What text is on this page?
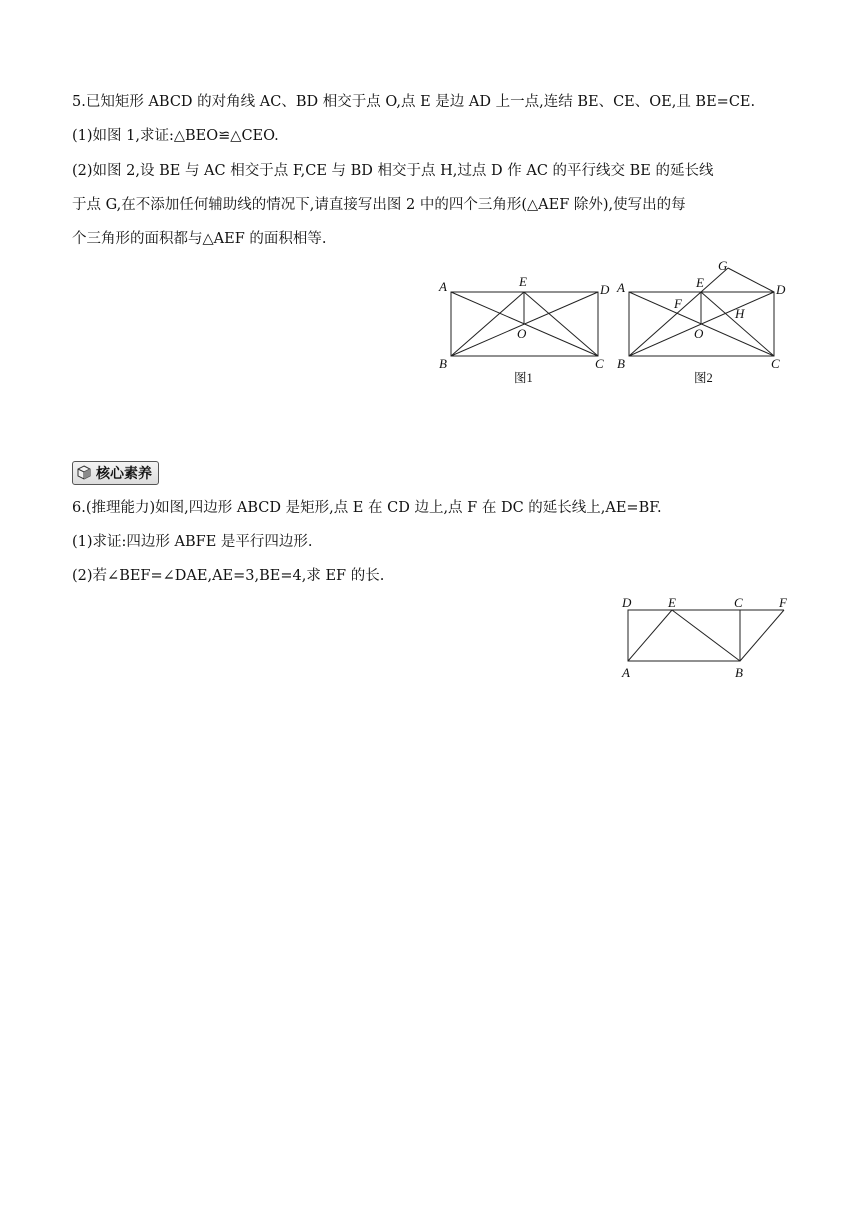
5.已知矩形 ABCD 的对角线 AC、BD 相交于点 O,点 E 是边 AD 上一点,连结 BE、CE、OE,且 BE=CE.
(1)如图 1,求证:△BEO≌△CEO.
(2)如图 2,设 BE 与 AC 相交于点 F,CE 与 BD 相交于点 H,过点 D 作 AC 的平行线交 BE 的延长线
于点 G,在不添加任何辅助线的情况下,请直接写出图 2 中的四个三角形(△AEF 除外),使写出的每
个三角形的面积都与△AEF 的面积相等.
A	E
D
O
B	C
图1
G
A	E	D
F
H
O
B	C
图2
核心素养
6.(推理能力)如图,四边形 ABCD 是矩形,点 E 在 CD 边上,点 F 在 DC 的延长线上,AE=BF.
(1)求证:四边形 ABFE 是平行四边形.
(2)若∠BEF=∠DAE,AE=3,BE=4,求 EF 的长.
D	E	C	F
A	B
